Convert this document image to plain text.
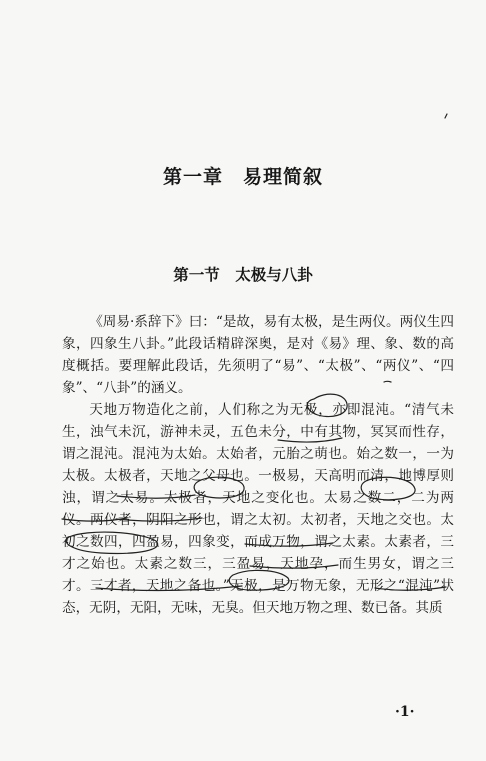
第一章　易理简叙
第一节　太极与八卦

《周易·系辞下》曰：“是故，易有太极，是生两仪。两仪生四象，四象生八卦。”此段话精辟深奥，是对《易》理、象、数的高度概括。要理解此段话，先须明了“易”、“太极”、“两仪”、“四象”、“八卦”的涵义。

天地万物造化之前，人们称之为无极，亦即混沌。“清气未生，浊气未沉，游神未灵，五色未分，中有其物，冥冥而性存，谓之混沌。混沌为太始。太始者，元胎之萌也。始之数一，一为太极。太极者，天地之父母也。一极易，天高明而清，地博厚则浊，谓之太易。太极者，天地之变化也。太易之数二，二为两仪。两仪者，阴阳之形也，谓之太初。太初者，天地之交也。太初之数四，四盈易，四象变，而成万物，谓之太素。太素者，三才之始也。太素之数三，三盈易，天地孕，而生男女，谓之三才。三才者，天地之备也。”无极，是万物无象，无形之“混沌”状态，无阴，无阳，无味，无臭。但天地万物之理、数已备。其质

·1·
